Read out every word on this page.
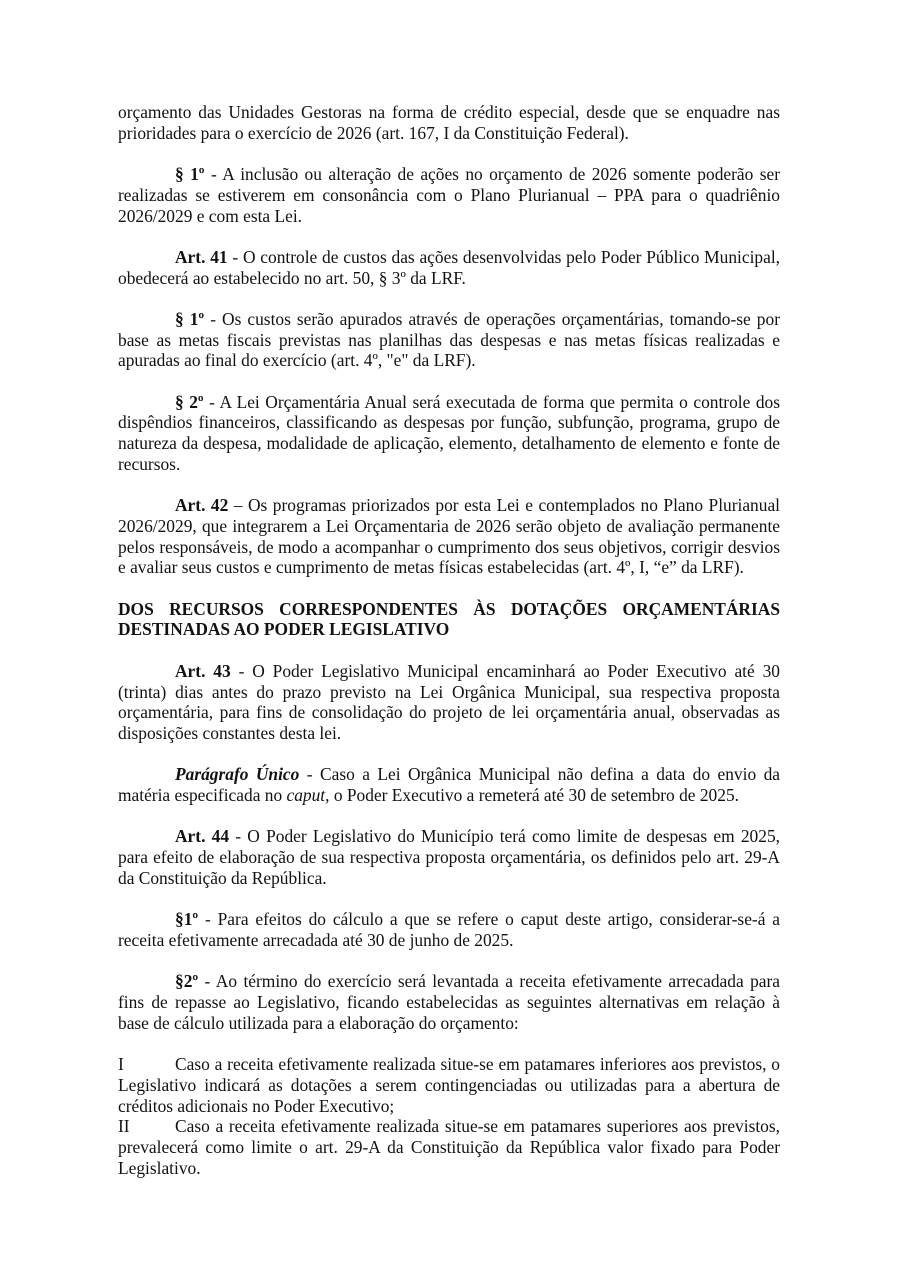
orçamento das Unidades Gestoras na forma de crédito especial, desde que se enquadre nas prioridades para o exercício de 2026 (art. 167, I da Constituição Federal).

§ 1º - A inclusão ou alteração de ações no orçamento de 2026 somente poderão ser realizadas se estiverem em consonância com o Plano Plurianual – PPA para o quadriênio 2026/2029 e com esta Lei.

Art. 41 - O controle de custos das ações desenvolvidas pelo Poder Público Municipal, obedecerá ao estabelecido no art. 50, § 3º da LRF.

§ 1º - Os custos serão apurados através de operações orçamentárias, tomando-se por base as metas fiscais previstas nas planilhas das despesas e nas metas físicas realizadas e apuradas ao final do exercício (art. 4º, "e" da LRF).

§ 2º - A Lei Orçamentária Anual será executada de forma que permita o controle dos dispêndios financeiros, classificando as despesas por função, subfunção, programa, grupo de natureza da despesa, modalidade de aplicação, elemento, detalhamento de elemento e fonte de recursos.

Art. 42 – Os programas priorizados por esta Lei e contemplados no Plano Plurianual 2026/2029, que integrarem a Lei Orçamentaria de 2026 serão objeto de avaliação permanente pelos responsáveis, de modo a acompanhar o cumprimento dos seus objetivos, corrigir desvios e avaliar seus custos e cumprimento de metas físicas estabelecidas (art. 4º, I, “e” da LRF).

DOS RECURSOS CORRESPONDENTES ÀS DOTAÇÕES ORÇAMENTÁRIAS DESTINADAS AO PODER LEGISLATIVO

Art. 43 - O Poder Legislativo Municipal encaminhará ao Poder Executivo até 30 (trinta) dias antes do prazo previsto na Lei Orgânica Municipal, sua respectiva proposta orçamentária, para fins de consolidação do projeto de lei orçamentária anual, observadas as disposições constantes desta lei.

Parágrafo Único - Caso a Lei Orgânica Municipal não defina a data do envio da matéria especificada no caput, o Poder Executivo a remeterá até 30 de setembro de 2025.

Art. 44 - O Poder Legislativo do Município terá como limite de despesas em 2025, para efeito de elaboração de sua respectiva proposta orçamentária, os definidos pelo art. 29-A da Constituição da República.

§1º - Para efeitos do cálculo a que se refere o caput deste artigo, considerar-se-á a receita efetivamente arrecadada até 30 de junho de 2025.

§2º - Ao término do exercício será levantada a receita efetivamente arrecadada para fins de repasse ao Legislativo, ficando estabelecidas as seguintes alternativas em relação à base de cálculo utilizada para a elaboração do orçamento:

I	Caso a receita efetivamente realizada situe-se em patamares inferiores aos previstos, o Legislativo indicará as dotações a serem contingenciadas ou utilizadas para a abertura de créditos adicionais no Poder Executivo;

II	Caso a receita efetivamente realizada situe-se em patamares superiores aos previstos, prevalecerá como limite o art. 29-A da Constituição da República valor fixado para Poder Legislativo.
